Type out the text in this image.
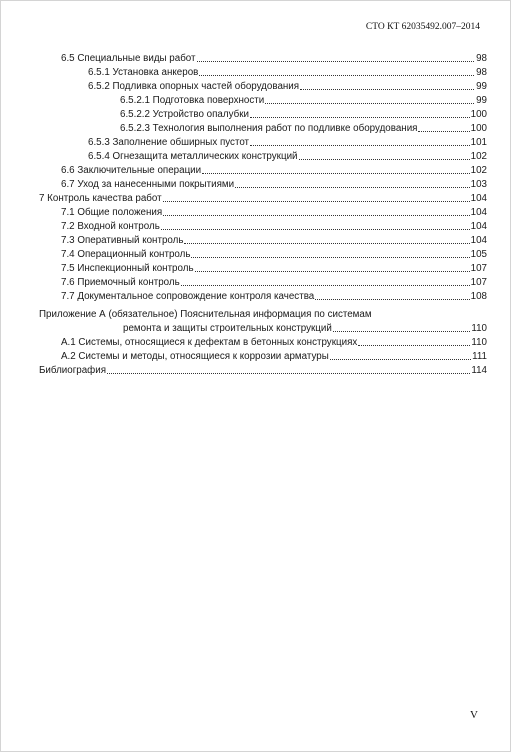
СТО КТ 62035492.007–2014
6.5 Специальные виды работ	98
6.5.1 Установка анкеров	98
6.5.2 Подливка опорных частей оборудования	99
6.5.2.1 Подготовка поверхности	99
6.5.2.2 Устройство опалубки	100
6.5.2.3 Технология выполнения работ по подливке оборудования	100
6.5.3 Заполнение обширных пустот	101
6.5.4 Огнезащита металлических конструкций	102
6.6 Заключительные операции	102
6.7 Уход за нанесенными покрытиями	103
7 Контроль качества работ	104
7.1 Общие положения	104
7.2 Входной контроль	104
7.3 Оперативный контроль	104
7.4 Операционный контроль	105
7.5 Инспекционный контроль	107
7.6 Приемочный контроль	107
7.7 Документальное сопровождение контроля качества	108
Приложение А (обязательное) Пояснительная информация по системам
ремонта и защиты строительных конструкций	110
А.1 Системы, относящиеся к дефектам в бетонных конструкциях	110
А.2 Системы и методы, относящиеся к коррозии арматуры	111
Библиография	114
V
